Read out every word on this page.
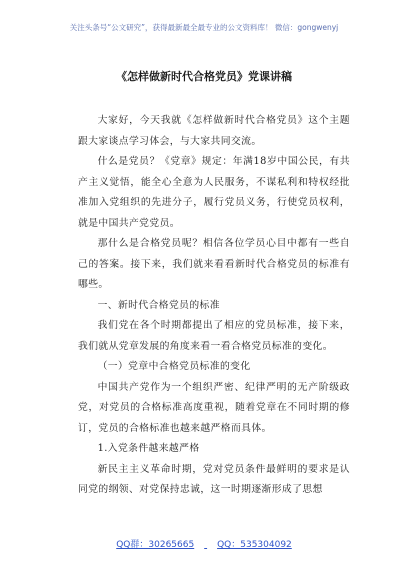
关注头条号“公文研究”，获得最新最全最专业的公文资料库！ 微信：gongwenyj
《怎样做新时代合格党员》党课讲稿

大家好，今天我就《怎样做新时代合格党员》这个主题跟大家谈点学习体会，与大家共同交流。

什么是党员？《党章》规定：年满18岁中国公民，有共产主义觉悟，能全心全意为人民服务，不谋私利和特权经批准加入党组织的先进分子，履行党员义务，行使党员权利，就是中国共产党党员。

那什么是合格党员呢？相信各位学员心目中都有一些自己的答案。接下来，我们就来看看新时代合格党员的标准有哪些。

一、新时代合格党员的标准

我们党在各个时期都提出了相应的党员标准，接下来，我们就从党章发展的角度来看一看合格党员标准的变化。

（一）党章中合格党员标准的变化

中国共产党作为一个组织严密、纪律严明的无产阶级政党，对党员的合格标准高度重视，随着党章在不同时期的修订，党员的合格标准也越来越严格而具体。

1.入党条件越来越严格

新民主主义革命时期，党对党员条件最鲜明的要求是认同党的纲领、对党保持忠诚，这一时期逐渐形成了思想

QQ群：30265665	QQ：535304092
